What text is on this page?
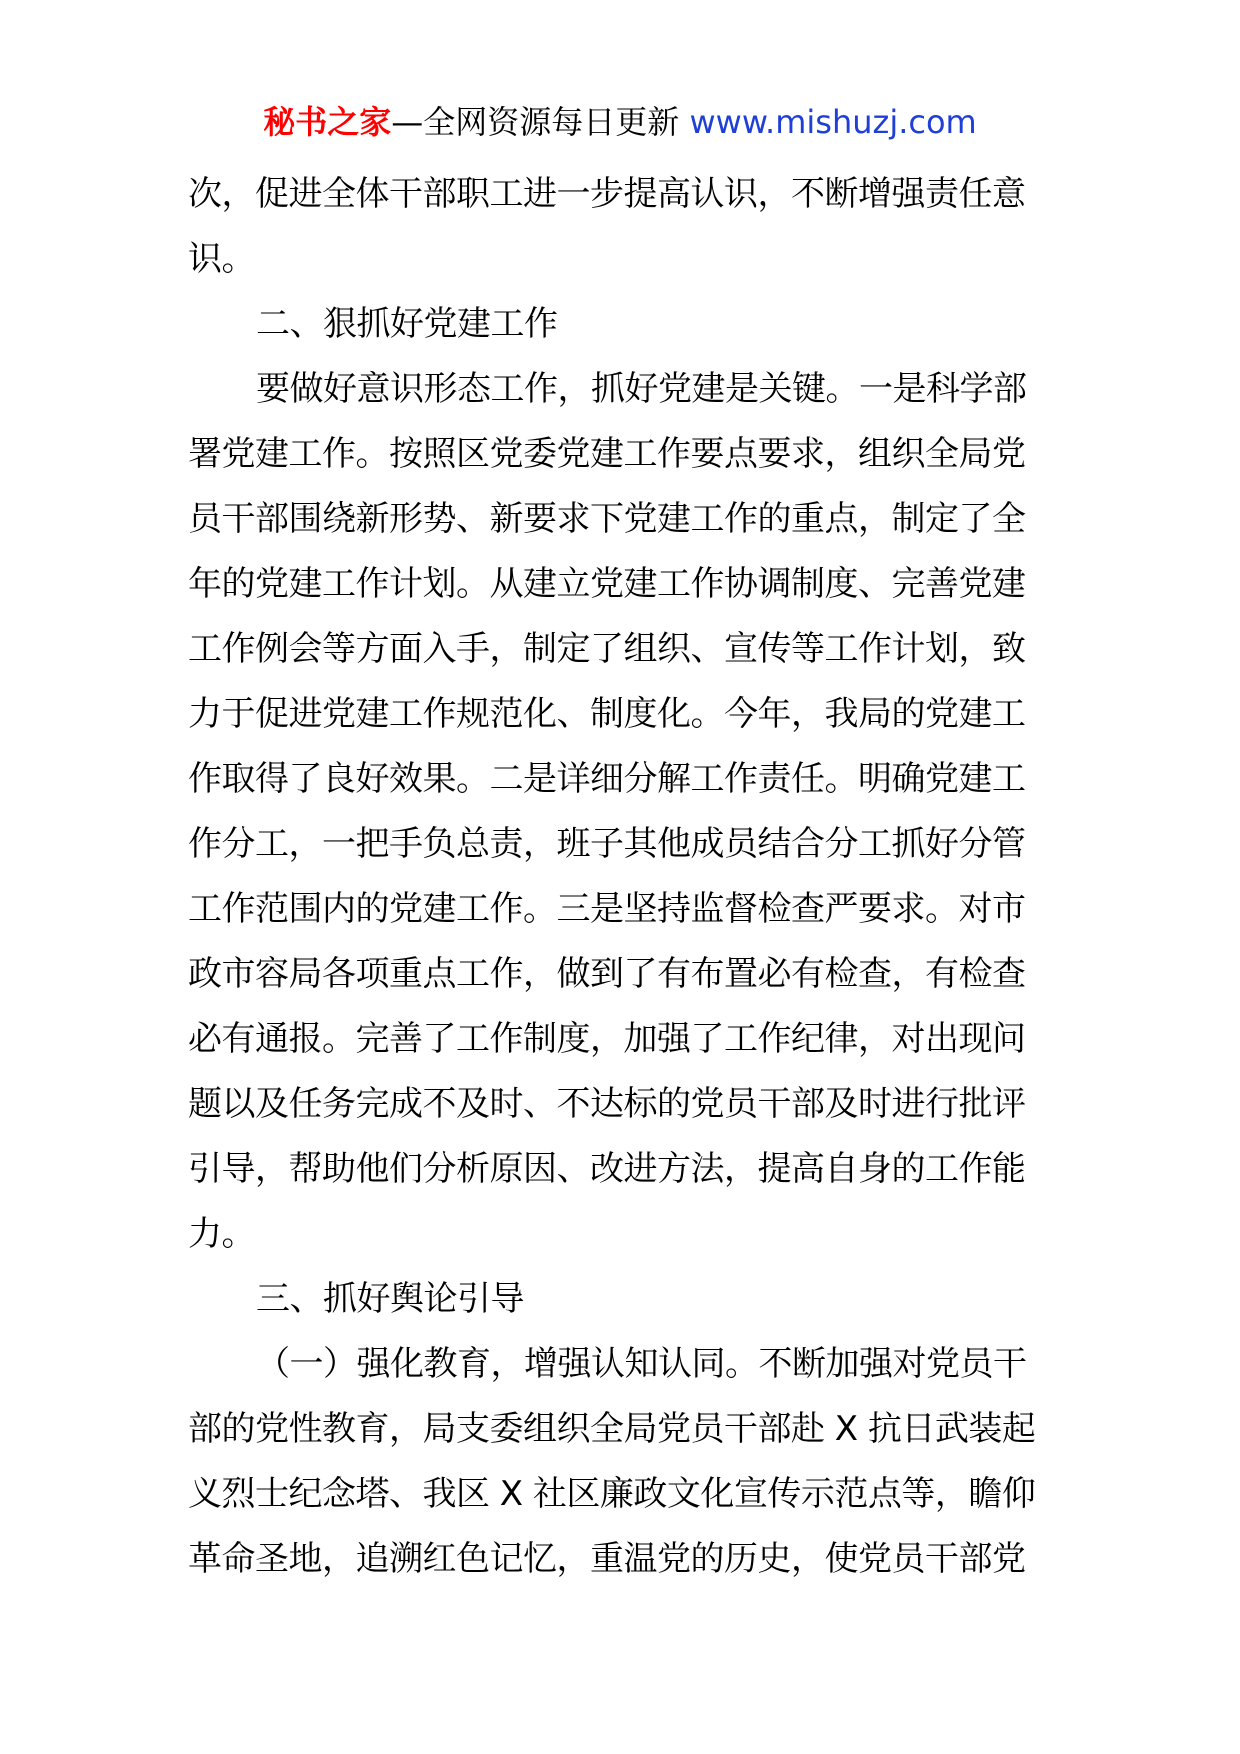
秘书之家—全网资源每日更新 www.mishuzj.com
次，促进全体干部职工进一步提高认识，不断增强责任意
识。
二、狠抓好党建工作
要做好意识形态工作，抓好党建是关键。一是科学部
署党建工作。按照区党委党建工作要点要求，组织全局党
员干部围绕新形势、新要求下党建工作的重点，制定了全
年的党建工作计划。从建立党建工作协调制度、完善党建
工作例会等方面入手，制定了组织、宣传等工作计划，致
力于促进党建工作规范化、制度化。今年，我局的党建工
作取得了良好效果。二是详细分解工作责任。明确党建工
作分工，一把手负总责，班子其他成员结合分工抓好分管
工作范围内的党建工作。三是坚持监督检查严要求。对市
政市容局各项重点工作，做到了有布置必有检查，有检查
必有通报。完善了工作制度，加强了工作纪律，对出现问
题以及任务完成不及时、不达标的党员干部及时进行批评
引导，帮助他们分析原因、改进方法，提高自身的工作能
力。
三、抓好舆论引导
（一）强化教育，增强认知认同。不断加强对党员干
部的党性教育，局支委组织全局党员干部赴 X 抗日武装起
义烈士纪念塔、我区 X 社区廉政文化宣传示范点等，瞻仰
革命圣地，追溯红色记忆，重温党的历史，使党员干部党
